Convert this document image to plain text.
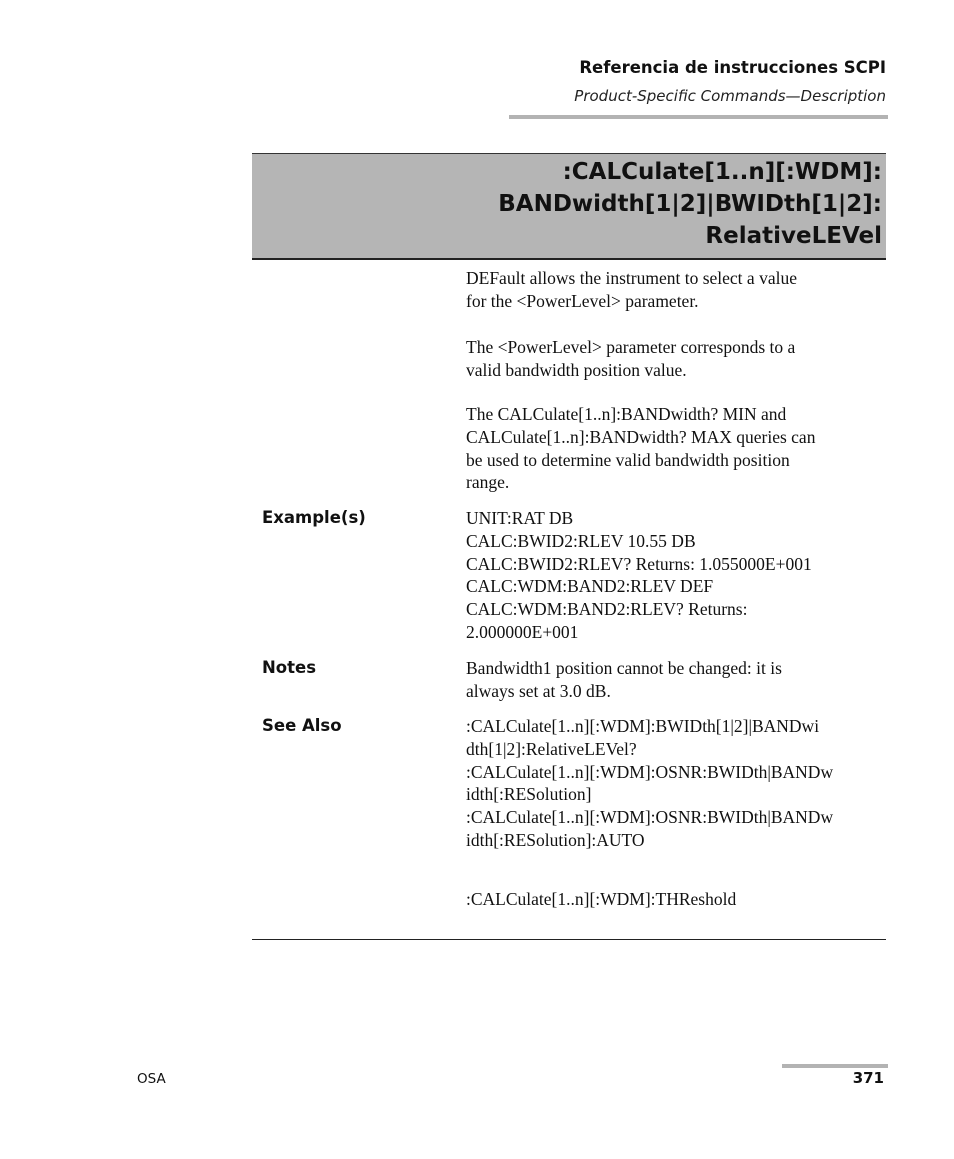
Referencia de instrucciones SCPI
Product-Specific Commands—Description
:CALCulate[1..n][:WDM]:
BANDwidth[1|2]|BWIDth[1|2]:
RelativeLEVel
DEFault allows the instrument to select a value
for the <PowerLevel> parameter.
The <PowerLevel> parameter corresponds to a
valid bandwidth position value.
The CALCulate[1..n]:BANDwidth? MIN and
CALCulate[1..n]:BANDwidth? MAX queries can
be used to determine valid bandwidth position
range.
Example(s)	UNIT:RAT DB
CALC:BWID2:RLEV 10.55 DB
CALC:BWID2:RLEV? Returns: 1.055000E+001
CALC:WDM:BAND2:RLEV DEF
CALC:WDM:BAND2:RLEV? Returns:
2.000000E+001
Notes	Bandwidth1 position cannot be changed: it is
always set at 3.0 dB.
See Also	:CALCulate[1..n][:WDM]:BWIDth[1|2]|BANDwi
dth[1|2]:RelativeLEVel?
:CALCulate[1..n][:WDM]:OSNR:BWIDth|BANDw
idth[:RESolution]
:CALCulate[1..n][:WDM]:OSNR:BWIDth|BANDw
idth[:RESolution]:AUTO
:CALCulate[1..n][:WDM]:THReshold
OSA	371
